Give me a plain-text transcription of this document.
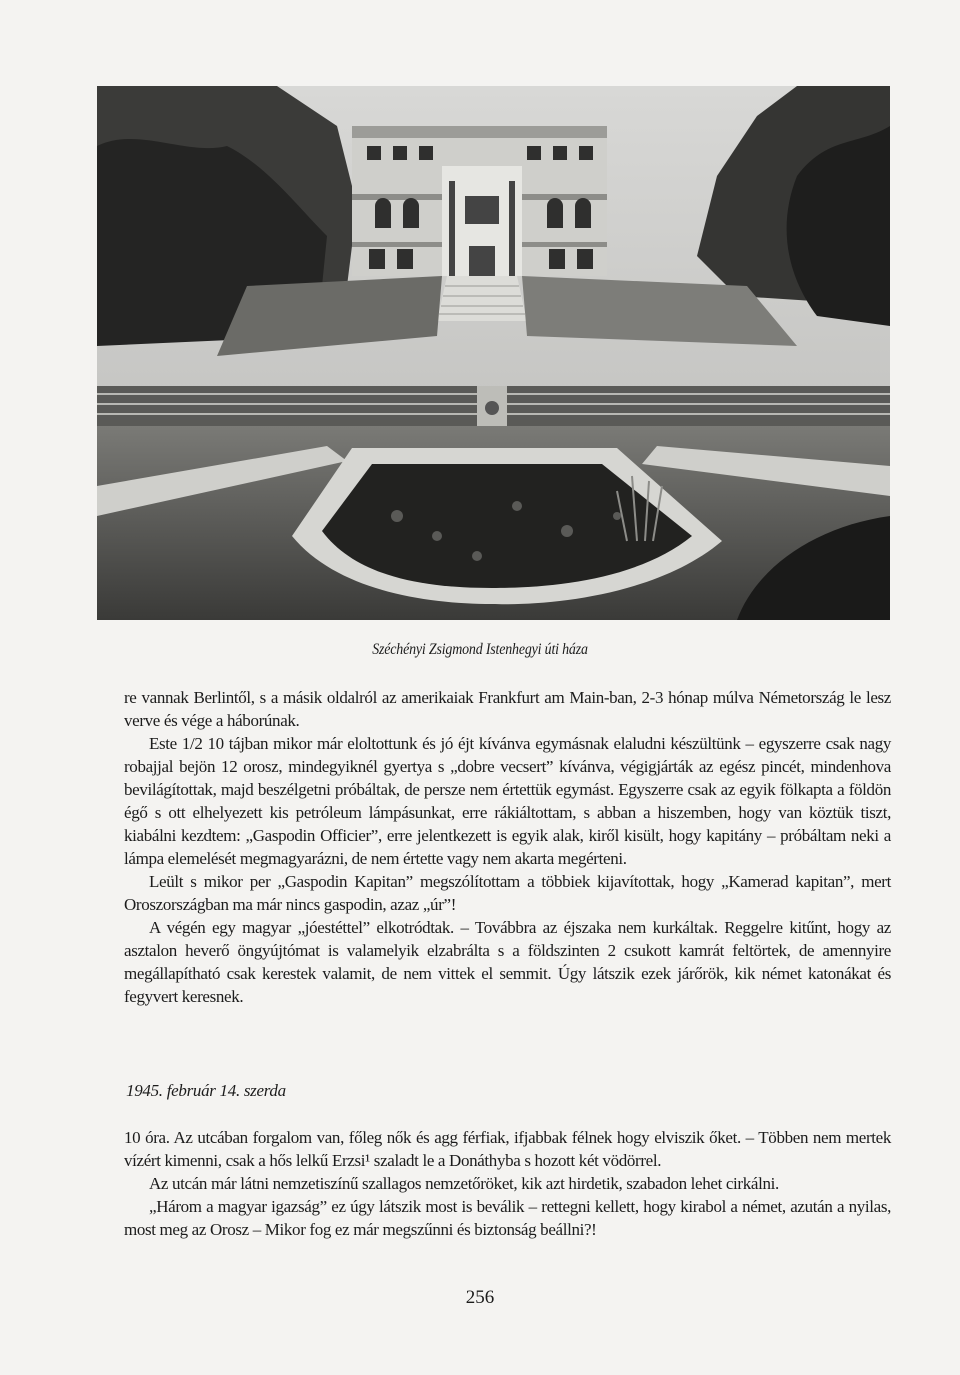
Széchényi Zsigmond Istenhegyi úti háza

re vannak Berlintől, s a másik oldalról az amerikaiak Frankfurt am Main-ban, 2-3 hónap múlva Németország le lesz verve és vége a háborúnak.

Este 1/2 10 tájban mikor már eloltottunk és jó éjt kívánva egymásnak elaludni készültünk – egyszerre csak nagy robajjal bejön 12 orosz, mindegyiknél gyertya s „dobre vecsert” kívánva, végigjárták az egész pincét, mindenhova bevilágítottak, majd beszélgetni próbáltak, de persze nem értettük egymást. Egyszerre csak az egyik fölkapta a földön égő s ott elhelyezett kis petróleum lámpásunkat, erre rákiáltottam, s abban a hiszemben, hogy van köztük tiszt, kiabálni kezdtem: „Gaspodin Officier”, erre jelentkezett is egyik alak, kiről kisült, hogy kapitány – próbáltam neki a lámpa elemelését megmagyarázni, de nem értette vagy nem akarta megérteni.

Leült s mikor per „Gaspodin Kapitan” megszólítottam a többiek kijavítottak, hogy „Kamerad kapitan”, mert Oroszországban ma már nincs gaspodin, azaz „úr”!

A végén egy magyar „jóestéttel” elkotródtak. – Továbbra az éjszaka nem kurkáltak. Reggelre kitűnt, hogy az asztalon heverő öngyújtómat is valamelyik elzabrálta s a földszinten 2 csukott kamrát feltörtek, de amennyire megállapítható csak kerestek valamit, de nem vittek el semmit. Úgy látszik ezek járőrök, kik német katonákat és fegyvert keresnek.

1945. február 14. szerda

10 óra. Az utcában forgalom van, főleg nők és agg férfiak, ifjabbak félnek hogy elviszik őket. – Többen nem mertek vízért kimenni, csak a hős lelkű Erzsi¹ szaladt le a Donáthyba s hozott két vödörrel.

Az utcán már látni nemzetiszínű szallagos nemzetőröket, kik azt hirdetik, szabadon lehet cirkálni.

„Három a magyar igazság” ez úgy látszik most is beválik – rettegni kellett, hogy kirabol a német, azután a nyilas, most meg az Orosz – Mikor fog ez már megszűnni és biztonság beállni?!

256
